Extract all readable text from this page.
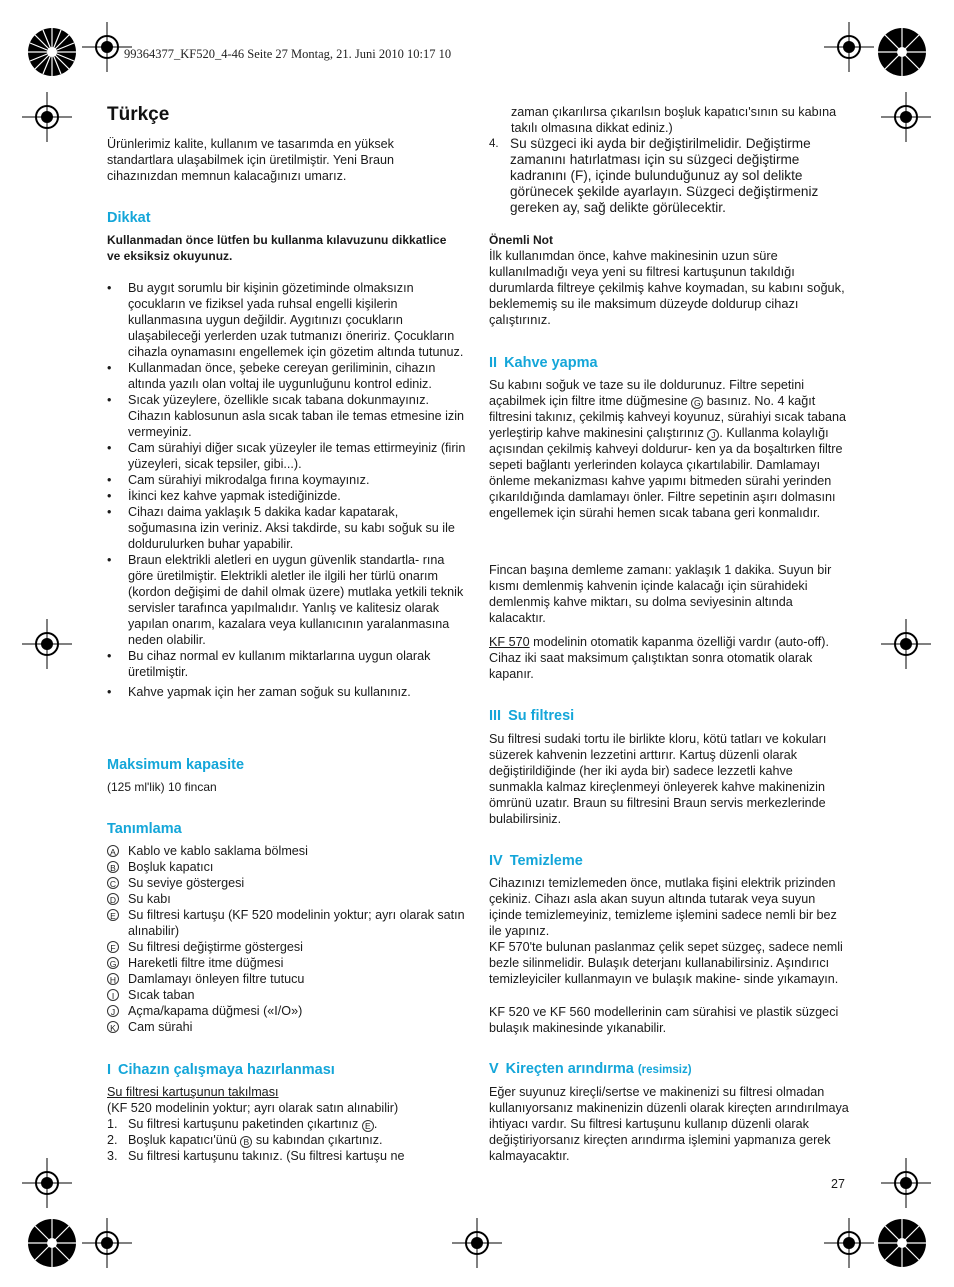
99364377_KF520_4-46 Seite 27 Montag, 21. Juni 2010 10:17 10
Türkçe

Ürünlerimiz kalite, kullanım ve tasarımda en yüksek standartlara ulaşabilmek için üretilmiştir. Yeni Braun cihazınızdan memnun kalacağınızı umarız.

Dikkat

Kullanmadan önce lütfen bu kullanma kılavuzunu dikkatlice ve eksiksiz okuyunuz.

• Bu aygıt sorumlu bir kişinin gözetiminde olmaksızın çocukların ve fiziksel yada ruhsal engelli kişilerin kullanmasına uygun değildir. Aygıtınızı çocukların ulaşabileceği yerlerden uzak tutmanızı öneririz. Çocukların cihazla oynamasını engellemek için gözetim altında tutunuz.
• Kullanmadan önce, şebeke cereyan geriliminin, cihazın altında yazılı olan voltaj ile uygunluğunu kontrol ediniz.
• Sıcak yüzeylere, özellikle sıcak tabana dokunmayınız. Cihazın kablosunun asla sıcak taban ile temas etmesine izin vermeyiniz.
• Cam sürahiyi diğer sıcak yüzeyler ile temas ettirmeyiniz (firin yüzeyleri, sicak tepsiler, gibi...).
• Cam sürahiyi mikrodalga fırına koymayınız.
• İkinci kez kahve yapmak istediğinizde.
• Cihazı daima yaklaşık 5 dakika kadar kapatarak, soğumasına izin veriniz. Aksi takdirde, su kabı soğuk su ile doldurulurken buhar yapabilir.
• Braun elektrikli aletleri en uygun güvenlik standartla- rına göre üretilmiştir. Elektrikli aletler ile ilgili her türlü onarım (kordon değişimi de dahil olmak üzere) mutlaka yetkili teknik servisler tarafınca yapılmalıdır. Yanlış ve kalitesiz olarak yapılan onarım, kazalara veya kullanıcının yaralanmasına neden olabilir.
• Bu cihaz normal ev kullanım miktarlarına uygun olarak üretilmiştir.
• Kahve yapmak için her zaman soğuk su kullanınız.
Maksimum kapasite

(125 ml'lik) 10 fincan

Tanımlama
A Kablo ve kablo saklama bölmesi
B Boşluk kapatıcı
C Su seviye göstergesi
D Su kabı
E Su filtresi kartuşu (KF 520 modelinin yoktur; ayrı olarak satın alınabilir)
F Su filtresi değiştirme göstergesi
G Hareketli filtre itme düğmesi
H Damlamayı önleyen filtre tutucu
I	Sıcak taban
J	Açma/kapama düğmesi («I/O»)
K Cam sürahi
I Cihazın çalışmaya hazırlanması

Su filtresi kartuşunun takılması

(KF 520 modelinin yoktur; ayrı olarak satın alınabilir)

1. Su filtresi kartuşunu paketinden çıkartınız E .
2. Boşluk kapatıcı'ünü B su kabından çıkartınız.
3. Su filtresi kartuşunu takınız. (Su filtresi kartuşu ne

zaman çıkarılırsa çıkarılsın boşluk kapatıcı'sının su kabına takılı olmasına dikkat ediniz.)

4. Su süzgeci iki ayda bir değiştirilmelidir. Değiştirme zamanını hatırlatması için su süzgeci değiştirme kadranını (F), içinde bulunduğunuz ay sol delikte görünecek şekilde ayarlayın. Süzgeci değiştirmeniz gereken ay, sağ delikte görülecektir.

Önemli Not

İlk kullanımdan önce, kahve makinesinin uzun süre kullanılmadığı veya yeni su filtresi kartuşunun takıldığı durumlarda filtreye çekilmiş kahve koymadan, su kabını soğuk, beklememiş su ile maksimum düzeyde doldurup cihazı çalıştırınız.

II Kahve yapma

Su kabını soğuk ve taze su ile doldurunuz. Filtre sepetini açabilmek için filtre itme düğmesine G basınız. No. 4 kağıt filtresini takınız, çekilmiş kahveyi koyunuz, sürahiyi sıcak tabana yerleştirip kahve makinesini çalıştırınız J . Kullanma kolaylığı açısından çekilmiş kahveyi doldurur- ken ya da boşaltırken filtre sepeti bağlantı yerlerinden kolayca çıkartılabilir. Damlamayı önleme mekanizması kahve yapımı bitmeden sürahi yerinden çıkarıldığında damlamayı önler. Filtre sepetinin aşırı dolmasını engellemek için sürahi hemen sıcak tabana geri konmalıdır.

Fincan başına demleme zamanı: yaklaşık 1 dakika. Suyun bir kısmı demlenmiş kahvenin içinde kalacağı için sürahideki demlenmiş kahve miktarı, su dolma seviyesinin altında kalacaktır.

KF 570 modelinin otomatik kapanma özelliği vardır (auto-off). Cihaz iki saat maksimum çalıştıktan sonra otomatik olarak kapanır.

III Su filtresi

Su filtresi sudaki tortu ile birlikte kloru, kötü tatları ve kokuları süzerek kahvenin lezzetini arttırır. Kartuş düzenli olarak değiştirildiğinde (her iki ayda bir) sadece lezzetli kahve sunmakla kalmaz kireçlenmeyi önleyerek kahve makinenizin ömrünü uzatır. Braun su filtresini Braun servis merkezlerinde bulabilirsiniz.

IV Temizleme

Cihazınızı temizlemeden önce, mutlaka fişini elektrik prizinden çekiniz. Cihazı asla akan suyun altında tutarak veya suyun içinde temizlemeyiniz, temizleme işlemini sadece nemli bir bez ile yapınız.

KF 570'te bulunan paslanmaz çelik sepet süzgeç, sadece nemli bezle silinmelidir. Bulaşık deterjanı kullanabilirsiniz. Aşındırıcı temizleyiciler kullanmayın ve bulaşık makine- sinde yıkamayın.

KF 520 ve KF 560 modellerinin cam sürahisi ve plastik süzgeci bulaşık makinesinde yıkanabilir.

V Kireçten arındırma (resimsiz)

Eğer suyunuz kireçli/sertse ve makinenizi su filtresi olmadan kullanıyorsanız makinenizin düzenli olarak kireçten arındırılmaya ihtiyacı vardır. Su filtresi kartuşunu kullanıp düzenli olarak değiştiriyorsanız kireçten arındırma işlemini yapmanıza gerek kalmayacaktır.

27
